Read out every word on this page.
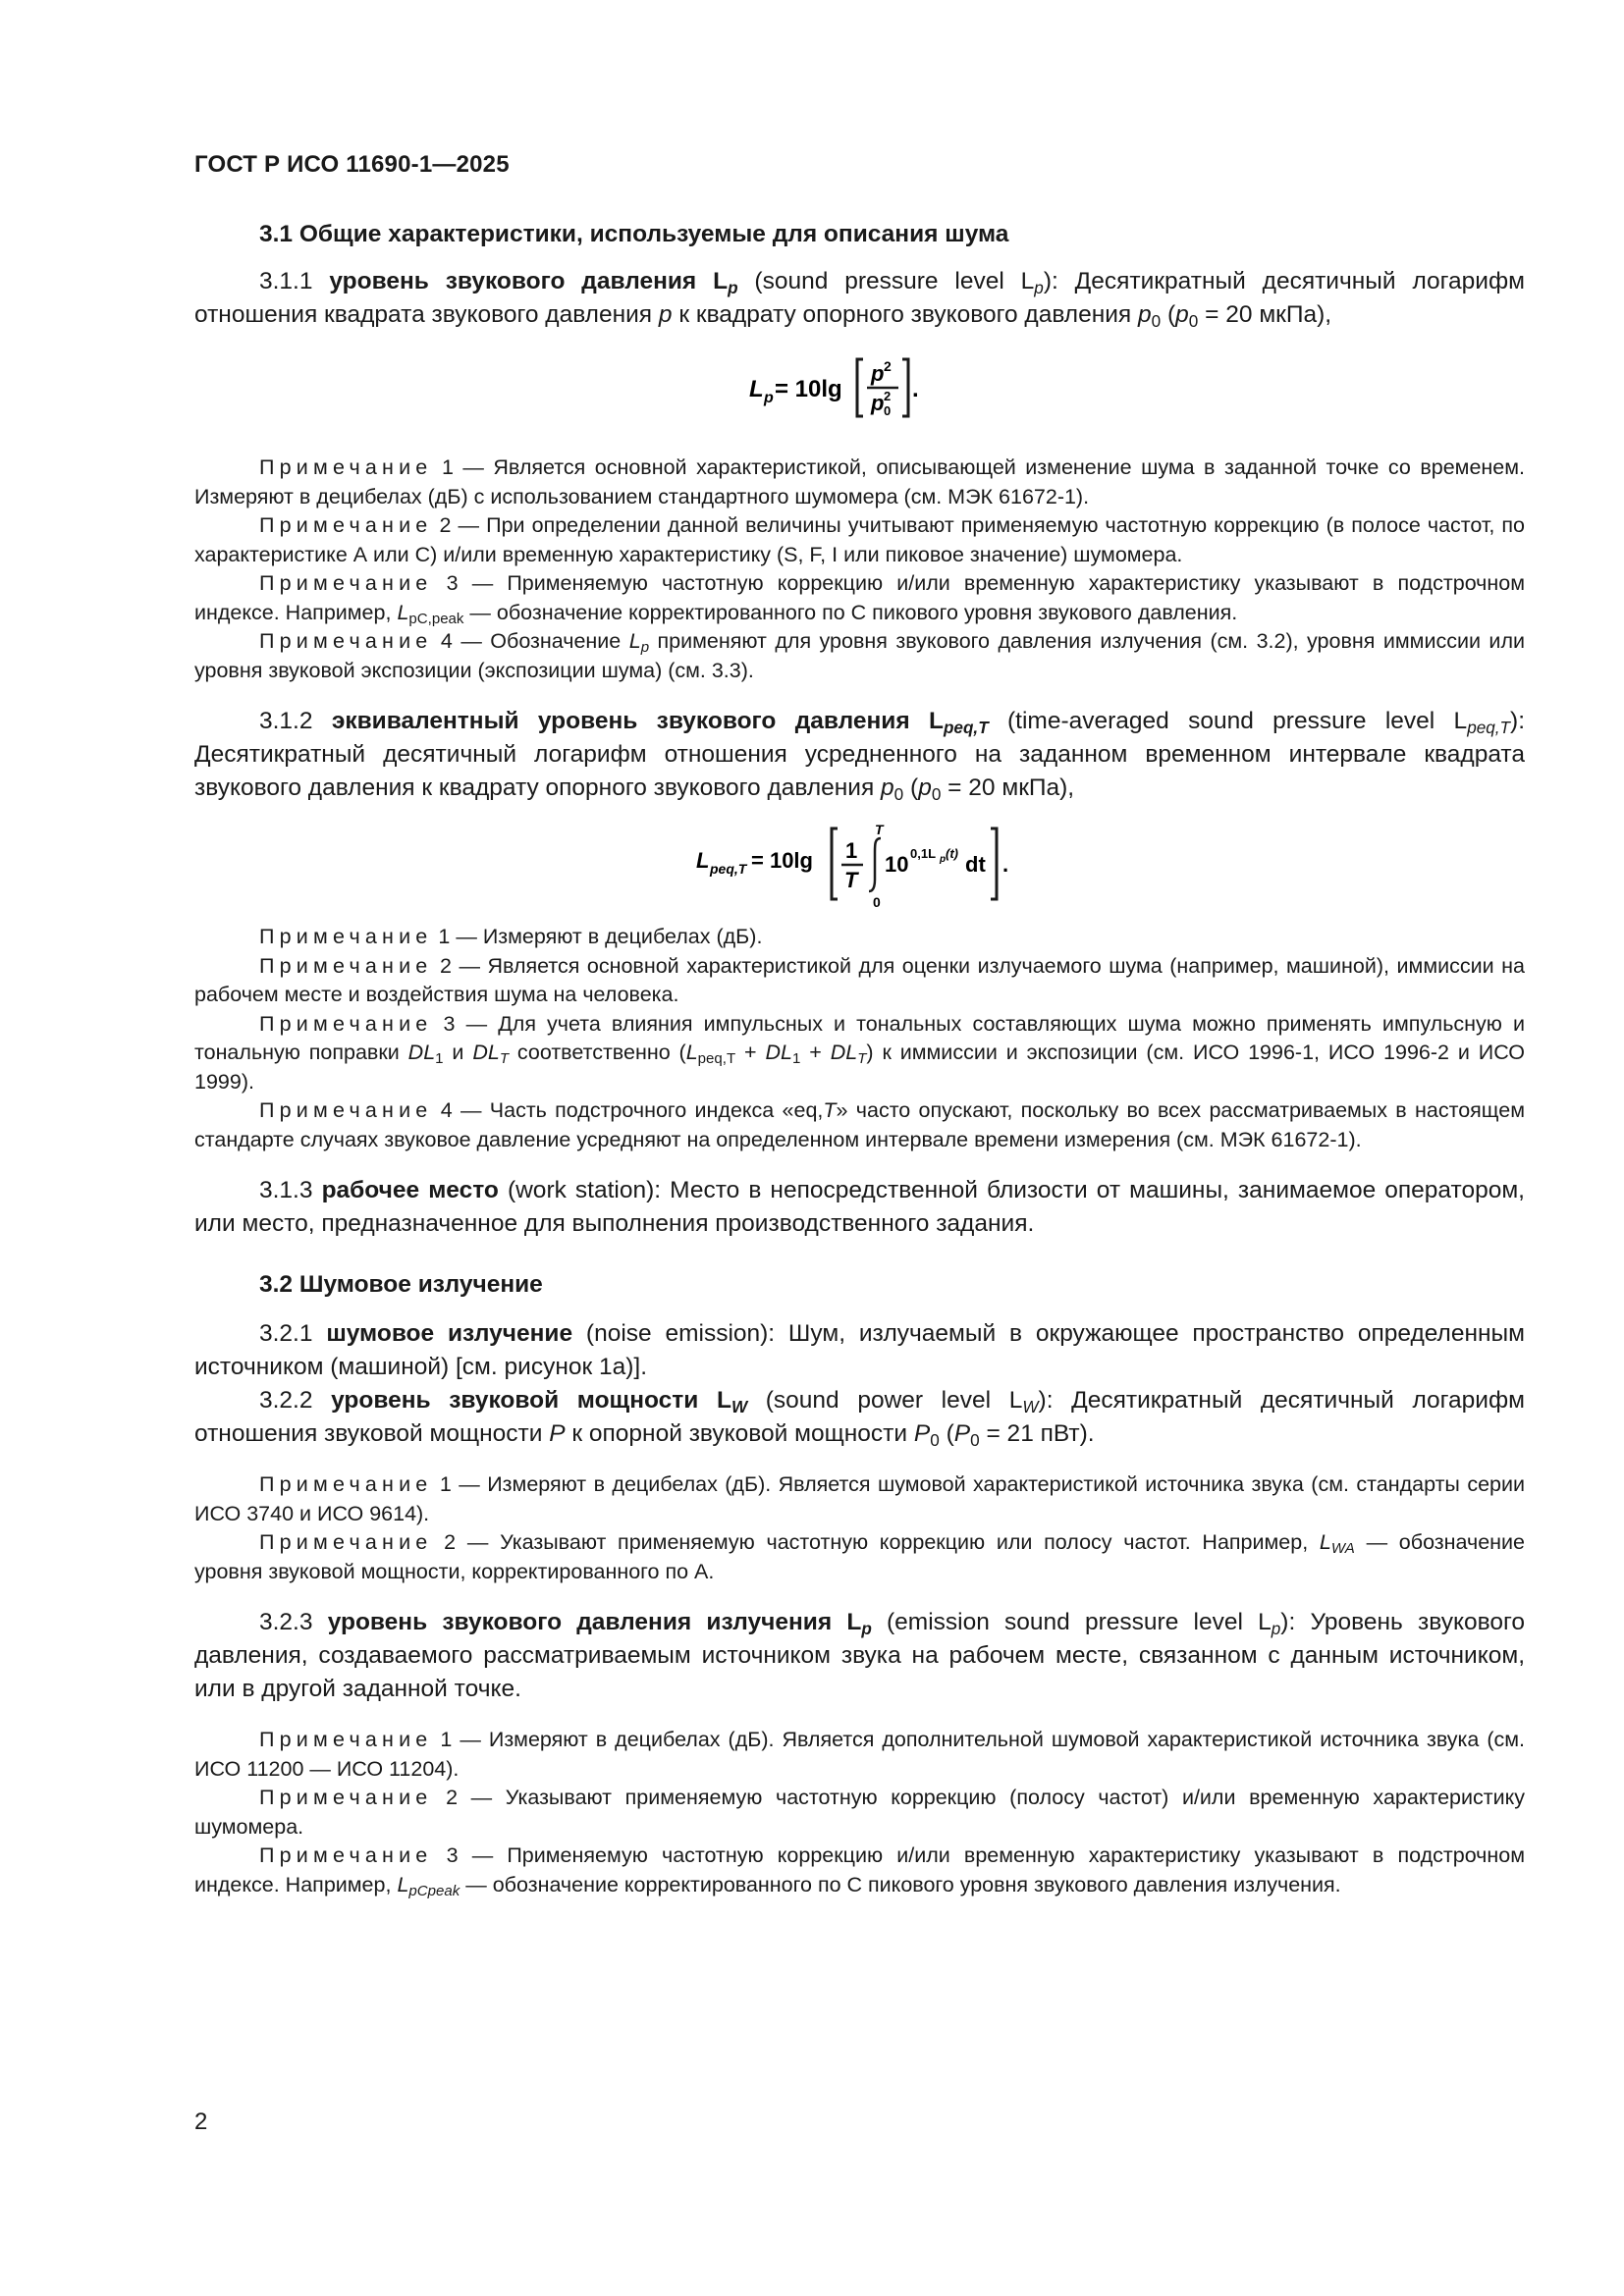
ГОСТ Р ИСО 11690-1—2025
3.1 Общие характеристики, используемые для описания шума

3.1.1 уровень звукового давления $L_p$ (sound pressure level $L_p$): Десятикратный десятичный логарифм отношения квадрата звукового давления p к квадрату опорного звукового давления $p_0$ ($p_0 = 20$ мкПа),

L p = 10lg
p 2
p 0
2 .

Примечание 1 — Является основной характеристикой, описывающей изменение шума в заданной точке со временем. Измеряют в децибелах (дБ) с использованием стандартного шумомера (см. МЭК 61672-1).

Примечание 2 — При определении данной величины учитывают применяемую частотную коррекцию (в полосе частот, по характеристике А или С) и/или временную характеристику (S, F, I или пиковое значение) шумомера.

Примечание 3 — Применяемую частотную коррекцию и/или временную характеристику указывают в подстрочном индексе. Например, $L_{pC,peak}$ — обозначение корректированного по С пикового уровня звукового давления.

Примечание 4 — Обозначение $L_p$ применяют для уровня звукового давления излучения (см. 3.2), уровня иммиссии или уровня звуковой экспозиции (экспозиции шума) (см. 3.3).

3.1.2 эквивалентный уровень звукового давления $L_{peq,T}$ (time-averaged sound pressure level $L_{peq,T}$): Десятикратный десятичный логарифм отношения усредненного на заданном временном интервале квадрата звукового давления к квадрату опорного звукового давления $p_0$ ($p_0 = 20$ мкПа),

L peq,T = 10lg 1
T
T
0
10 0,1L p (t) dt .

Примечание 1 — Измеряют в децибелах (дБ).

Примечание 2 — Является основной характеристикой для оценки излучаемого шума (например, машиной), иммиссии на рабочем месте и воздействия шума на человека.

Примечание 3 — Для учета влияния импульсных и тональных составляющих шума можно применять импульсную и тональную поправки $DL_1$ и $DL_T$ соответственно $(L_{peq,T} + DL_1 + DL_T)$ к иммиссии и экспозиции (см. ИСО 1996-1, ИСО 1996-2 и ИСО 1999).

Примечание 4 — Часть подстрочного индекса «eq,T» часто опускают, поскольку во всех рассматриваемых в настоящем стандарте случаях звуковое давление усредняют на определенном интервале времени измерения (см. МЭК 61672-1).

3.1.3 рабочее место (work station): Место в непосредственной близости от машины, занимаемое оператором, или место, предназначенное для выполнения производственного задания.

3.2 Шумовое излучение

3.2.1 шумовое излучение (noise emission): Шум, излучаемый в окружающее пространство определенным источником (машиной) [см. рисунок 1а)].

3.2.2 уровень звуковой мощности $L_W$ (sound power level $L_W$): Десятикратный десятичный логарифм отношения звуковой мощности P к опорной звуковой мощности $P_0$ ($P_0 = 21$ пВт).

Примечание 1 — Измеряют в децибелах (дБ). Является шумовой характеристикой источника звука (см. стандарты серии ИСО 3740 и ИСО 9614).

Примечание 2 — Указывают применяемую частотную коррекцию или полосу частот. Например, $L_{WA}$ — обозначение уровня звуковой мощности, корректированного по А.

3.2.3 уровень звукового давления излучения $L_p$ (emission sound pressure level $L_p$): Уровень звукового давления, создаваемого рассматриваемым источником звука на рабочем месте, связанном с данным источником, или в другой заданной точке.

Примечание 1 — Измеряют в децибелах (дБ). Является дополнительной шумовой характеристикой источника звука (см. ИСО 11200 — ИСО 11204).

Примечание 2 — Указывают применяемую частотную коррекцию (полосу частот) и/или временную характеристику шумомера.

Примечание 3 — Применяемую частотную коррекцию и/или временную характеристику указывают в подстрочном индексе. Например, $L_{pCpeak}$ — обозначение корректированного по С пикового уровня звукового давления излучения.

2
